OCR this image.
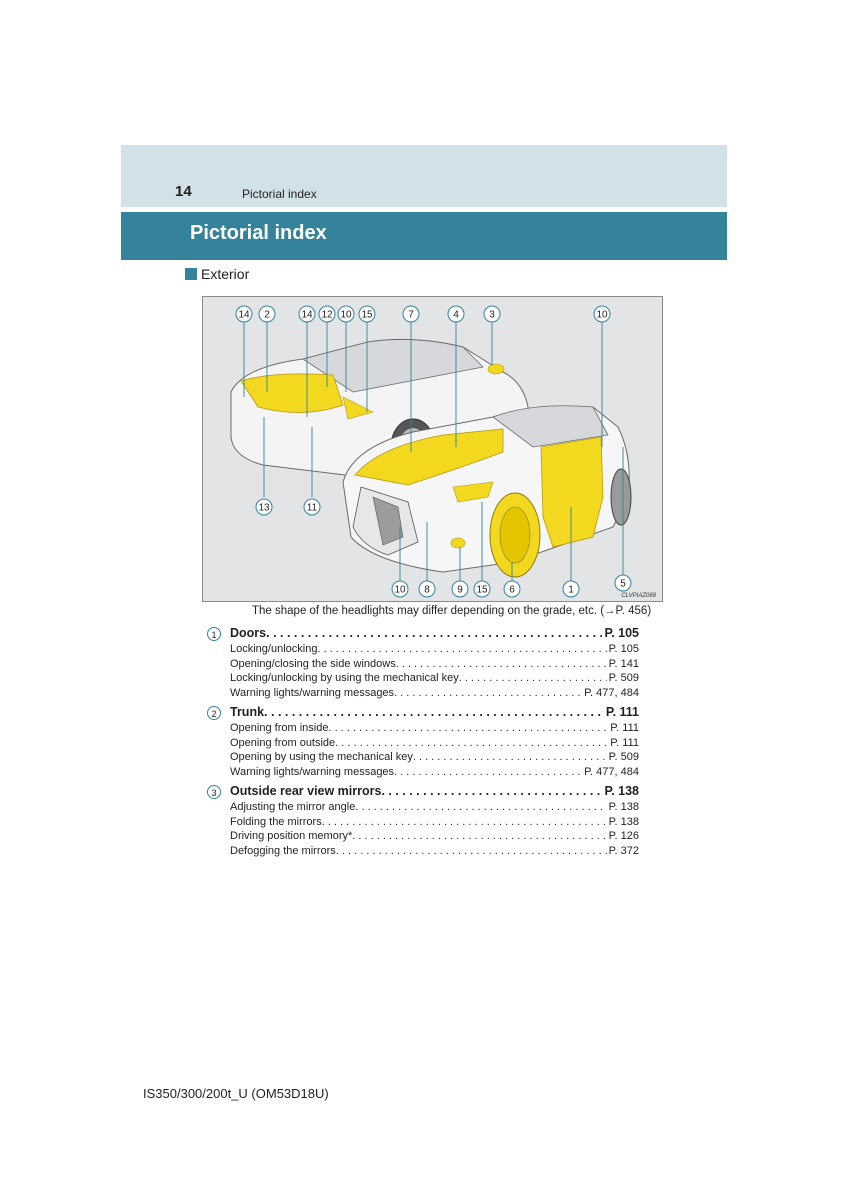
14	Pictorial index
Pictorial index
Exterior
14 2	14 12 10 15	7	4	3	10
13	11
10 8	9 15 6	1
5
CLVPIAZ069
The shape of the headlights may differ depending on the grade, etc. (→P. 456)
1	Doors . . .	P. 105
Locking/unlocking . . .	P. 105
Opening/closing the side windows . . .	P. 141
Locking/unlocking by using the mechanical key . . .	P. 509
Warning lights/warning messages . . .	P. 477, 484
2	Trunk . . .	P. 111
Opening from inside . . .	P. 111
Opening from outside . . .	P. 111
Opening by using the mechanical key . . .	P. 509
Warning lights/warning messages . . .	P. 477, 484
3	Outside rear view mirrors . . .	P. 138
Adjusting the mirror angle . . .	P. 138
Folding the mirrors . . .	P. 138
Driving position memory* . . .	P. 126
Defogging the mirrors . . .	P. 372
IS350/300/200t_U (OM53D18U)
